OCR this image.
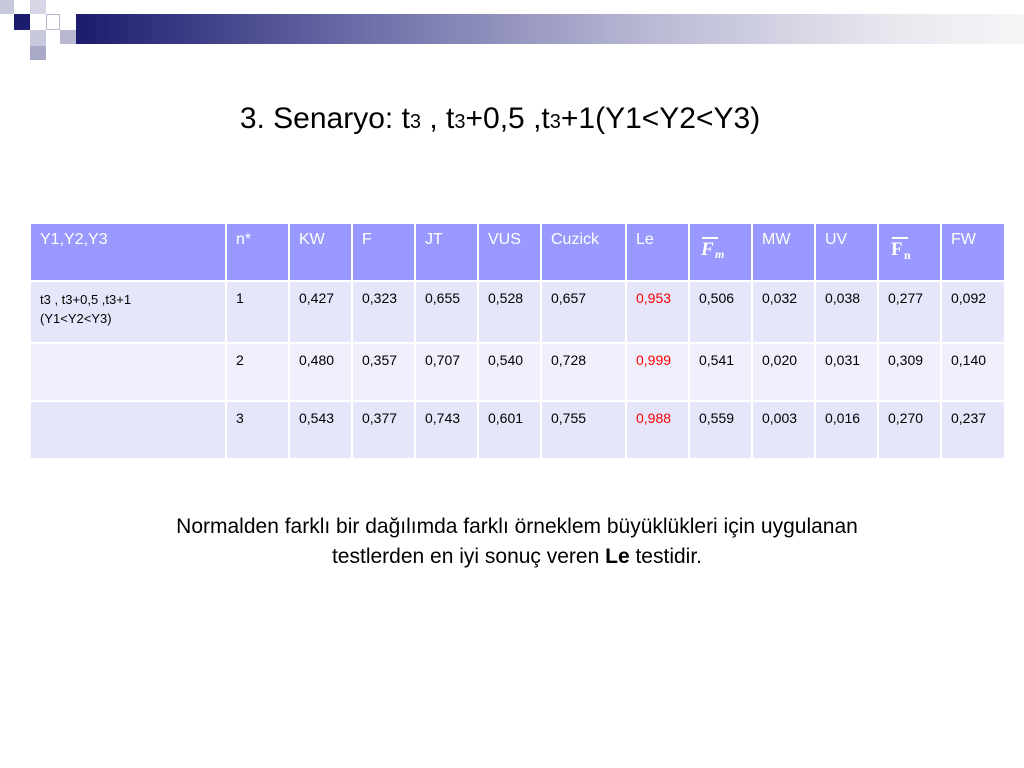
3. Senaryo: t3 , t3+0,5 ,t3+1(Y1<Y2<Y3)
Y1,Y2,Y3	n*	KW	F	JT	VUS	Cuzick	Le	F m	MW	UV	F n	FW
t3 , t3+0,5 ,t3+1
(Y1<Y2<Y3)	1	0,427	0,323	0,655	0,528	0,657	0,953	0,506	0,032	0,038	0,277	0,092
	2	0,480	0,357	0,707	0,540	0,728	0,999	0,541	0,020	0,031	0,309	0,140
	3	0,543	0,377	0,743	0,601	0,755	0,988	0,559	0,003	0,016	0,270	0,237
Normalden farklı bir dağılımda farklı örneklem büyüklükleri için uygulanan
testlerden en iyi sonuç veren Le testidir.
